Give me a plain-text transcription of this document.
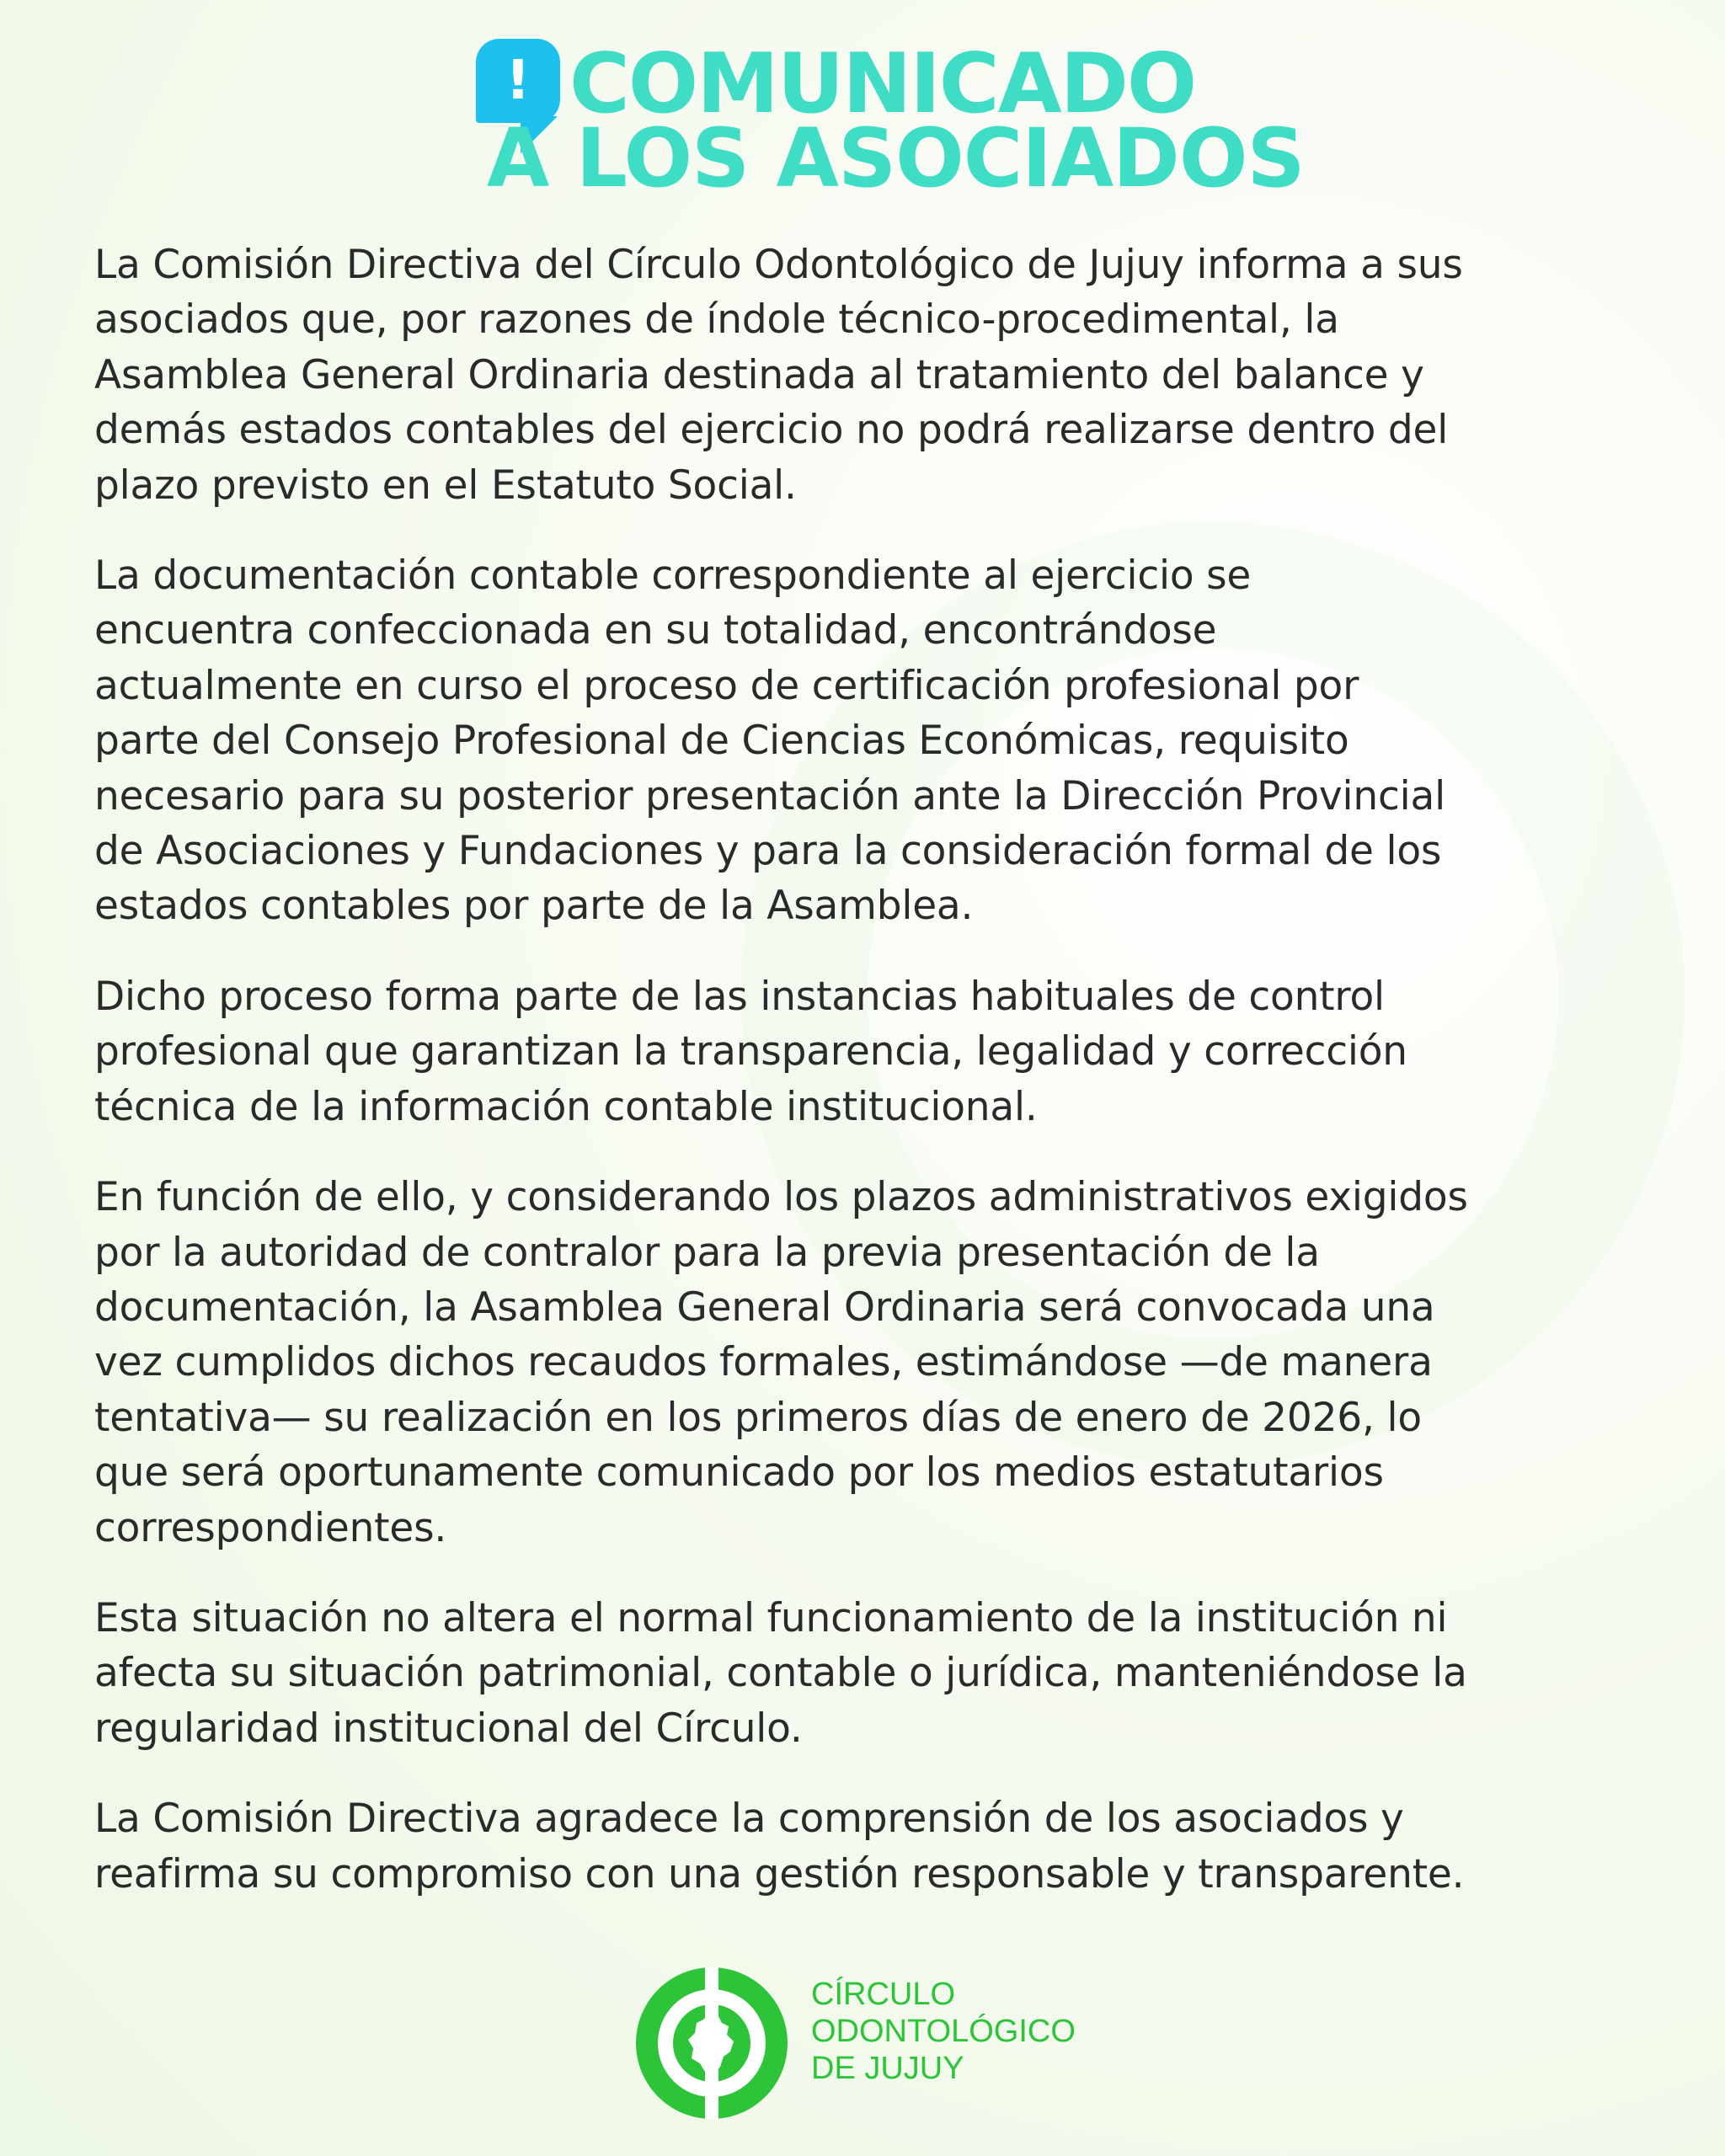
! COMUNICADO
A LOS ASOCIADOS

La Comisión Directiva del Círculo Odontológico de Jujuy informa a sus
asociados que, por razones de índole técnico-procedimental, la
Asamblea General Ordinaria destinada al tratamiento del balance y
demás estados contables del ejercicio no podrá realizarse dentro del
plazo previsto en el Estatuto Social.

La documentación contable correspondiente al ejercicio se
encuentra confeccionada en su totalidad, encontrándose
actualmente en curso el proceso de certificación profesional por
parte del Consejo Profesional de Ciencias Económicas, requisito
necesario para su posterior presentación ante la Dirección Provincial
de Asociaciones y Fundaciones y para la consideración formal de los
estados contables por parte de la Asamblea.

Dicho proceso forma parte de las instancias habituales de control
profesional que garantizan la transparencia, legalidad y corrección
técnica de la información contable institucional.

En función de ello, y considerando los plazos administrativos exigidos
por la autoridad de contralor para la previa presentación de la
documentación, la Asamblea General Ordinaria será convocada una
vez cumplidos dichos recaudos formales, estimándose —de manera
tentativa— su realización en los primeros días de enero de 2026, lo
que será oportunamente comunicado por los medios estatutarios
correspondientes.

Esta situación no altera el normal funcionamiento de la institución ni
afecta su situación patrimonial, contable o jurídica, manteniéndose la
regularidad institucional del Círculo.

La Comisión Directiva agradece la comprensión de los asociados y
reafirma su compromiso con una gestión responsable y transparente.

CÍRCULO
ODONTOLÓGICO
DE JUJUY
